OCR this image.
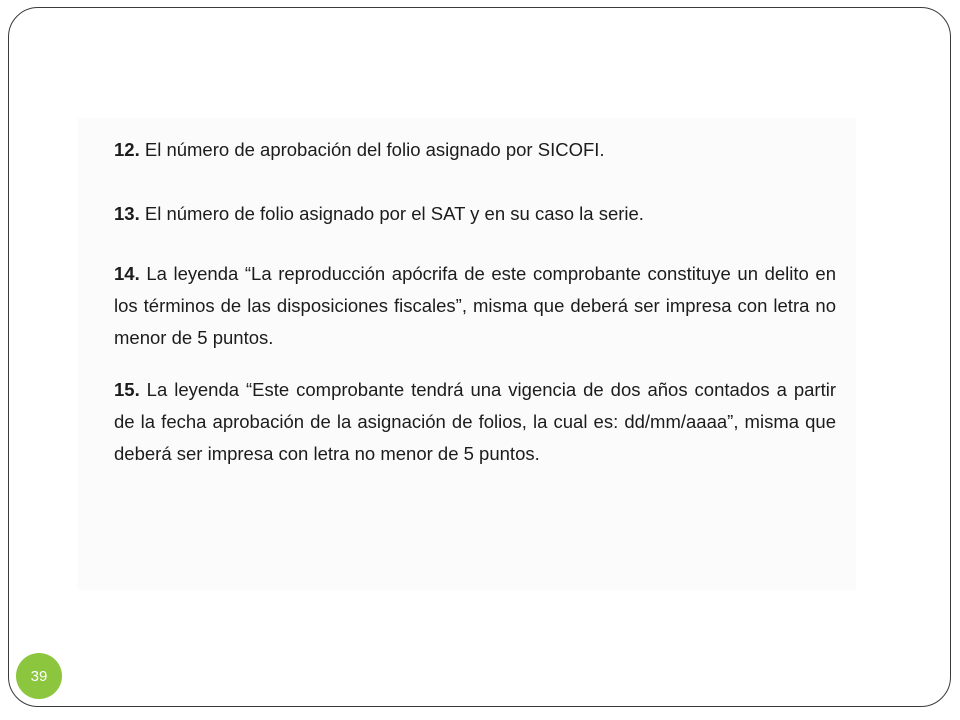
12. El número de aprobación del folio asignado por SICOFI.

13. El número de folio asignado por el SAT y en su caso la serie.

14. La leyenda “La reproducción apócrifa de este comprobante constituye un delito en los términos de las disposiciones fiscales”, misma que deberá ser impresa con letra no menor de 5 puntos.

15. La leyenda “Este comprobante tendrá una vigencia de dos años contados a partir de la fecha aprobación de la asignación de folios, la cual es: dd/mm/aaaa”, misma que deberá ser impresa con letra no menor de 5 puntos.

39
